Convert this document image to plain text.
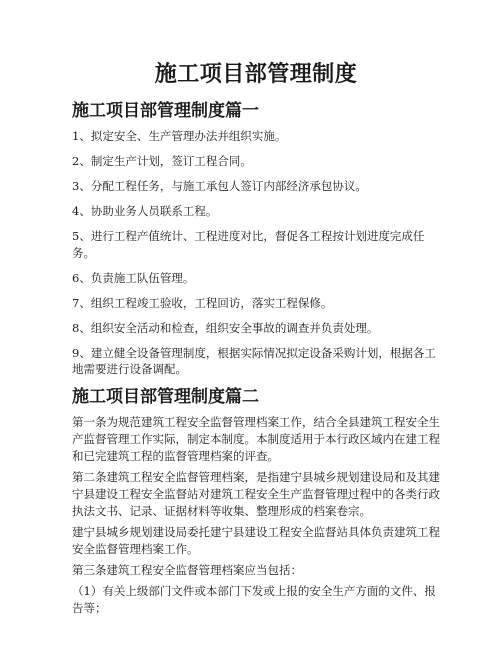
施工项目部管理制度
施工项目部管理制度篇一
1、拟定安全、生产管理办法并组织实施。
2、制定生产计划，签订工程合同。
3、分配工程任务，与施工承包人签订内部经济承包协议。
4、协助业务人员联系工程。
5、进行工程产值统计、工程进度对比，督促各工程按计划进度完成任务。
6、负责施工队伍管理。
7、组织工程竣工验收，工程回访，落实工程保修。
8、组织安全活动和检查，组织安全事故的调查并负责处理。
9、建立健全设备管理制度，根据实际情况拟定设备采购计划，根据各工地需要进行设备调配。
施工项目部管理制度篇二

第一条为规范建筑工程安全监督管理档案工作，结合全县建筑工程安全生产监督管理工作实际，制定本制度。本制度适用于本行政区域内在建工程和已完建筑工程的监督管理档案的评查。

第二条建筑工程安全监督管理档案，是指建宁县城乡规划建设局和及其建宁县建设工程安全监督站对建筑工程安全生产监督管理过程中的各类行政执法文书、记录、证据材料等收集、整理形成的档案卷宗。

建宁县城乡规划建设局委托建宁县建设工程安全监督站具体负责建筑工程安全监督管理档案工作。

第三条建筑工程安全监督管理档案应当包括：

（1）有关上级部门文件或本部门下发或上报的安全生产方面的文件、报告等；
